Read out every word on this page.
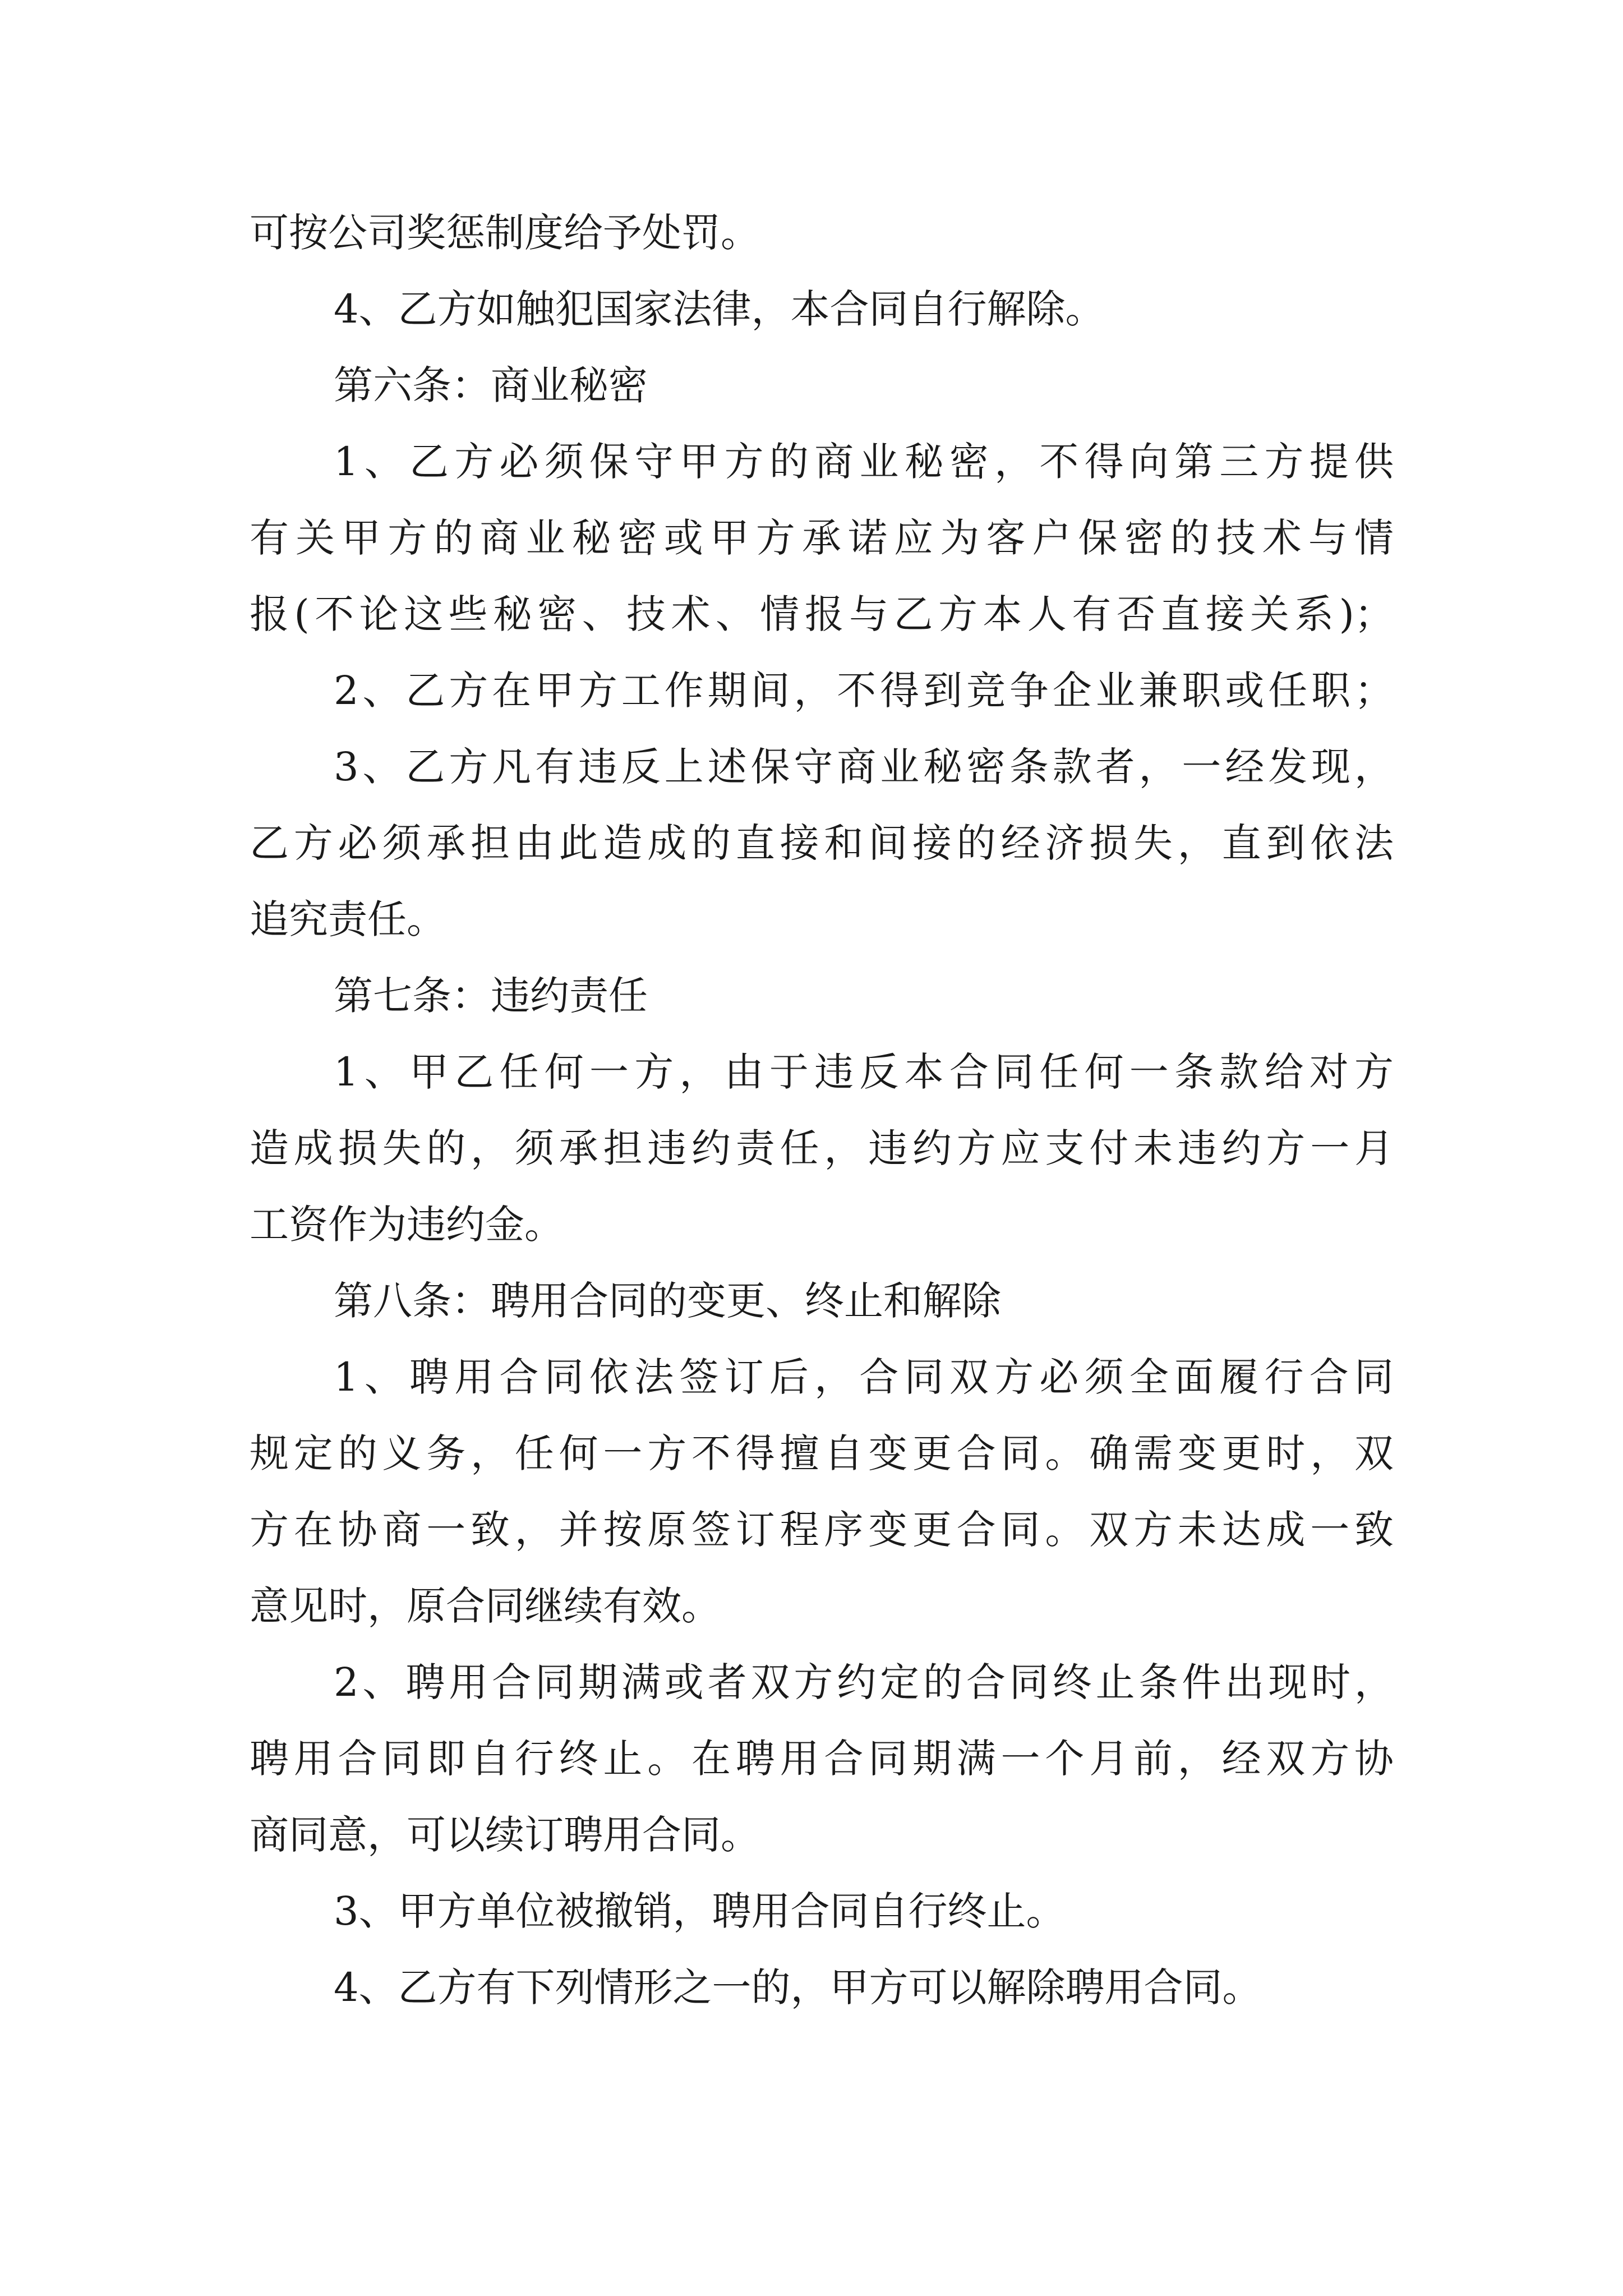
可按公司奖惩制度给予处罚。
4、乙方如触犯国家法律，本合同自行解除。
第六条：商业秘密
1、乙方必须保守甲方的商业秘密，不得向第三方提供
有关甲方的商业秘密或甲方承诺应为客户保密的技术与情
报(不论这些秘密、技术、情报与乙方本人有否直接关系)；
2、乙方在甲方工作期间，不得到竞争企业兼职或任职；
3、乙方凡有违反上述保守商业秘密条款者，一经发现，
乙方必须承担由此造成的直接和间接的经济损失，直到依法
追究责任。
第七条：违约责任
1、甲乙任何一方，由于违反本合同任何一条款给对方
造成损失的，须承担违约责任，违约方应支付未违约方一月
工资作为违约金。
第八条：聘用合同的变更、终止和解除
1、聘用合同依法签订后，合同双方必须全面履行合同
规定的义务，任何一方不得擅自变更合同。确需变更时，双
方在协商一致，并按原签订程序变更合同。双方未达成一致
意见时，原合同继续有效。
2、聘用合同期满或者双方约定的合同终止条件出现时，
聘用合同即自行终止。在聘用合同期满一个月前，经双方协
商同意，可以续订聘用合同。
3、甲方单位被撤销，聘用合同自行终止。
4、乙方有下列情形之一的，甲方可以解除聘用合同。
